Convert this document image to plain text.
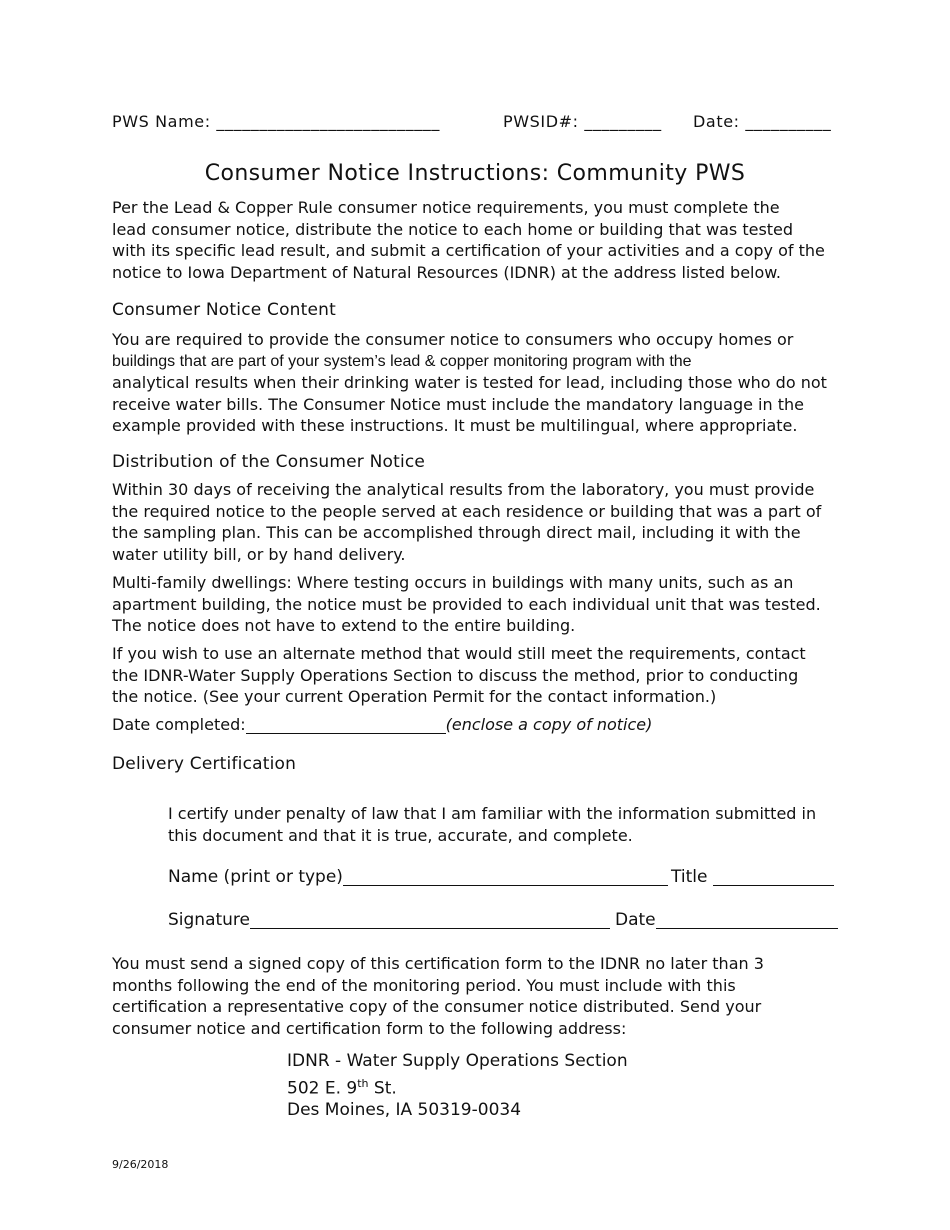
PWS Name: __________________________	PWSID#: _________ Date: __________
Consumer Notice Instructions: Community PWS
Per the Lead & Copper Rule consumer notice requirements, you must complete the
lead consumer notice, distribute the notice to each home or building that was tested
with its specific lead result, and submit a certification of your activities and a copy of the
notice to Iowa Department of Natural Resources (IDNR) at the address listed below.
Consumer Notice Content
You are required to provide the consumer notice to consumers who occupy homes or
buildings that are part of your system’s lead & copper monitoring program with the
analytical results when their drinking water is tested for lead, including those who do not
receive water bills. The Consumer Notice must include the mandatory language in the
example provided with these instructions. It must be multilingual, where appropriate.
Distribution of the Consumer Notice
Within 30 days of receiving the analytical results from the laboratory, you must provide
the required notice to the people served at each residence or building that was a part of
the sampling plan. This can be accomplished through direct mail, including it with the
water utility bill, or by hand delivery.
Multi-family dwellings: Where testing occurs in buildings with many units, such as an
apartment building, the notice must be provided to each individual unit that was tested.
The notice does not have to extend to the entire building.
If you wish to use an alternate method that would still meet the requirements, contact
the IDNR-Water Supply Operations Section to discuss the method, prior to conducting
the notice. (See your current Operation Permit for the contact information.)
Date completed:	(enclose a copy of notice)
Delivery Certification
I certify under penalty of law that I am familiar with the information submitted in
this document and that it is true, accurate, and complete.
Name (print or type)	Title
Signature	Date
You must send a signed copy of this certification form to the IDNR no later than 3
months following the end of the monitoring period. You must include with this
certification a representative copy of the consumer notice distributed. Send your
consumer notice and certification form to the following address:
IDNR - Water Supply Operations Section
502 E. 9th St.
Des Moines, IA 50319-0034
9/26/2018
